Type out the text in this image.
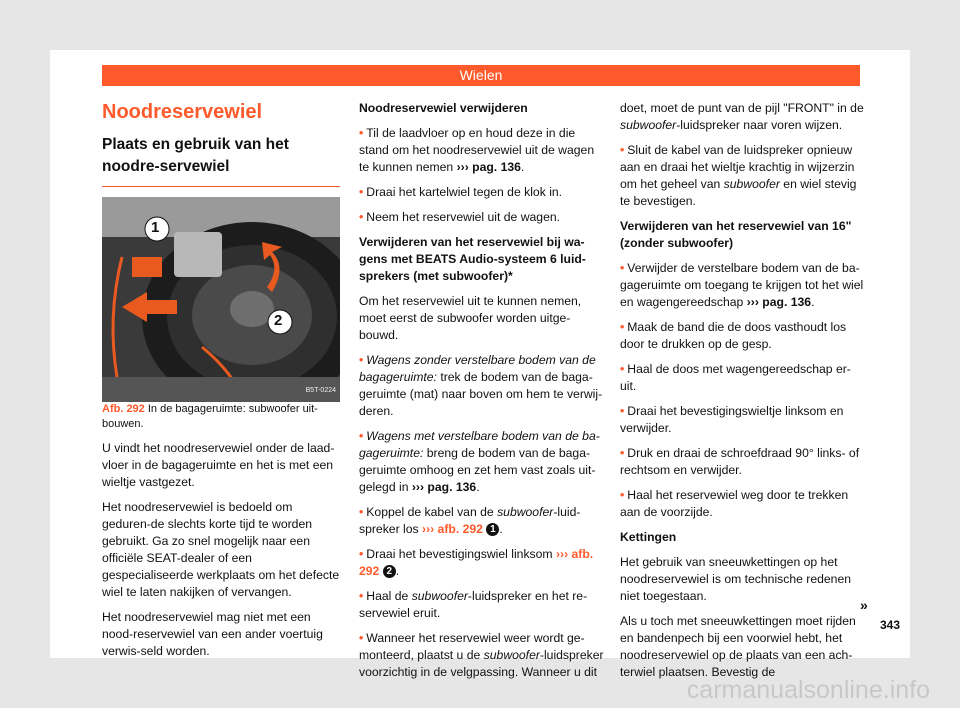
Wielen
Noodreservewiel
Plaats en gebruik van het noodre-servewiel
1
2
B5T-0224

Afb. 292 In de bagageruimte: subwoofer uit-bouwen.

U vindt het noodreservewiel onder de laad-vloer in de bagageruimte en het is met een wieltje vastgezet.

Het noodreservewiel is bedoeld om geduren-de slechts korte tijd te worden gebruikt. Ga zo snel mogelijk naar een officiële SEAT-dealer of een gespecialiseerde werkplaats om het defecte wiel te laten nakijken of vervangen.

Het noodreservewiel mag niet met een nood-reservewiel van een ander voertuig verwis-seld worden.

Noodreservewiel verwijderen

• Til de laadvloer op en houd deze in die stand om het noodreservewiel uit de wagen te kunnen nemen ››› pag. 136.

• Draai het kartelwiel tegen de klok in.

• Neem het reservewiel uit de wagen.

Verwijderen van het reservewiel bij wa-gens met BEATS Audio-systeem 6 luid-sprekers (met subwoofer)*

Om het reservewiel uit te kunnen nemen, moet eerst de subwoofer worden uitge-bouwd.

• Wagens zonder verstelbare bodem van de bagageruimte: trek de bodem van de baga-geruimte (mat) naar boven om hem te verwij-deren.

• Wagens met verstelbare bodem van de ba-gageruimte: breng de bodem van de baga-geruimte omhoog en zet hem vast zoals uit-gelegd in ››› pag. 136.

• Koppel de kabel van de subwoofer-luid-spreker los ››› afb. 292 1 .

• Draai het bevestigingswiel linksom ››› afb. 292 2 .

• Haal de subwoofer-luidspreker en het re-servewiel eruit.

• Wanneer het reservewiel weer wordt ge-monteerd, plaatst u de subwoofer-luidspreker voorzichtig in de velgpassing. Wanneer u dit

doet, moet de punt van de pijl "FRONT" in de subwoofer-luidspreker naar voren wijzen.

• Sluit de kabel van de luidspreker opnieuw aan en draai het wieltje krachtig in wijzerzin om het geheel van subwoofer en wiel stevig te bevestigen.

Verwijderen van het reservewiel van 16" (zonder subwoofer)

• Verwijder de verstelbare bodem van de ba-gageruimte om toegang te krijgen tot het wiel en wagengereedschap ››› pag. 136.

• Maak de band die de doos vasthoudt los door te drukken op de gesp.

• Haal de doos met wagengereedschap er-uit.

• Draai het bevestigingswieltje linksom en verwijder.

• Druk en draai de schroefdraad 90° links- of rechtsom en verwijder.

• Haal het reservewiel weg door te trekken aan de voorzijde.

Kettingen

Het gebruik van sneeuwkettingen op het noodreservewiel is om technische redenen niet toegestaan.

Als u toch met sneeuwkettingen moet rijden en bandenpech bij een voorwiel hebt, het noodreservewiel op de plaats van een ach-terwiel plaatsen. Bevestig de

»
343
carmanualsonline.info
